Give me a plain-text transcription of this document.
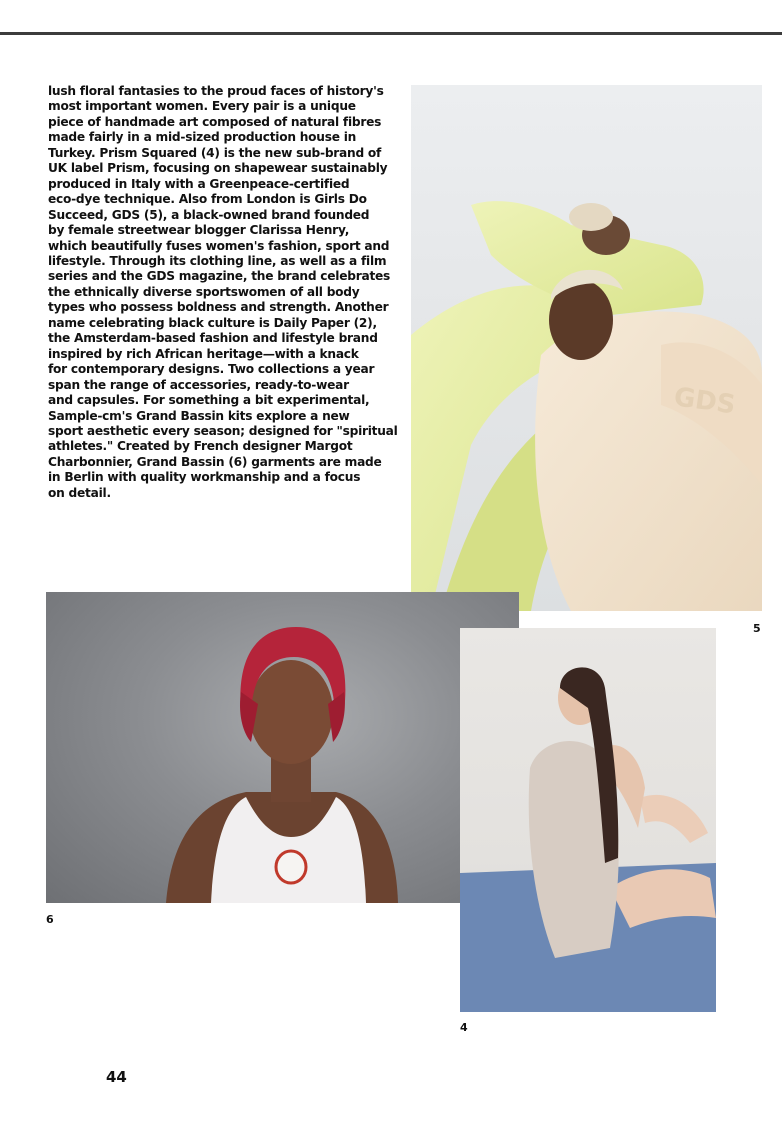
lush floral fantasies to the proud faces of history's
most important women. Every pair is a unique
piece of handmade art composed of natural fibres
made fairly in a mid-sized production house in
Turkey. Prism Squared (4) is the new sub-brand of
UK label Prism, focusing on shapewear sustainably
produced in Italy with a Greenpeace-certified
eco-dye technique. Also from London is Girls Do
Succeed, GDS (5), a black-owned brand founded
by female streetwear blogger Clarissa Henry,
which beautifully fuses women's fashion, sport and
lifestyle. Through its clothing line, as well as a film
series and the GDS magazine, the brand celebrates
the ethnically diverse sportswomen of all body
types who possess boldness and strength. Another
name celebrating black culture is Daily Paper (2),
the Amsterdam-based fashion and lifestyle brand
inspired by rich African heritage—with a knack
for contemporary designs. Two collections a year
span the range of accessories, ready-to-wear
and capsules. For something a bit experimental,
Sample-cm's Grand Bassin kits explore a new
sport aesthetic every season; designed for "spiritual
athletes." Created by French designer Margot
Charbonnier, Grand Bassin (6) garments are made
in Berlin with quality workmanship and a focus
on detail.
GDS
5
6
4
44
